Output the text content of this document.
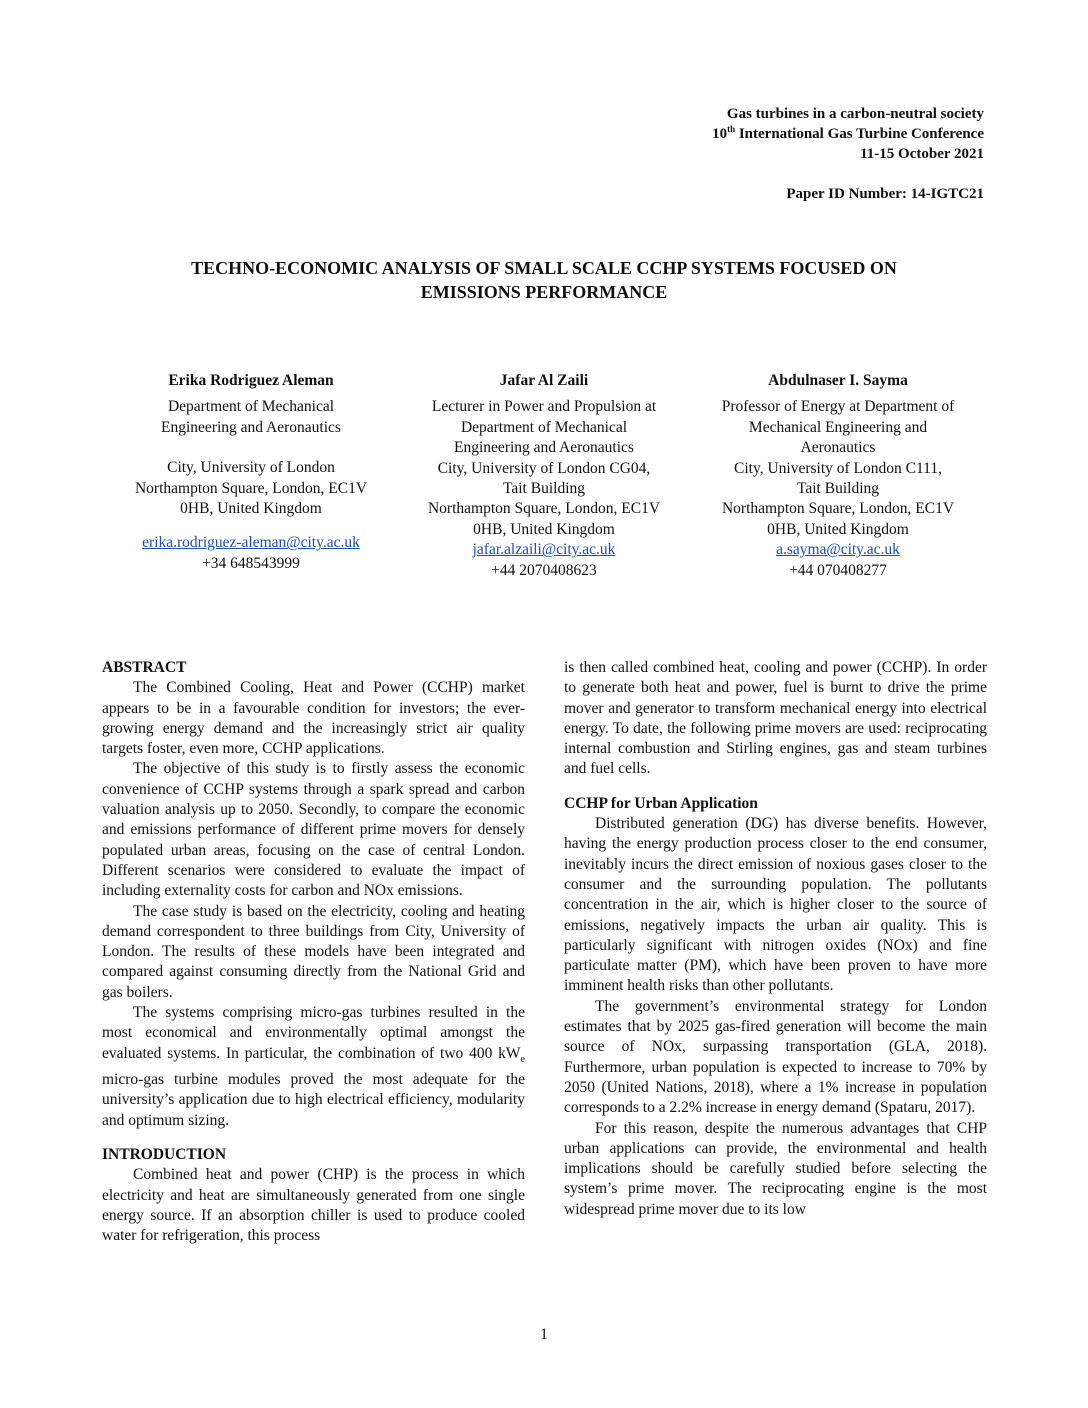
Gas turbines in a carbon-neutral society
10th International Gas Turbine Conference
11-15 October 2021
Paper ID Number: 14-IGTC21
TECHNO-ECONOMIC ANALYSIS OF SMALL SCALE CCHP SYSTEMS FOCUSED ON
EMISSIONS PERFORMANCE
Erika Rodriguez Aleman
Department of Mechanical
Engineering and Aeronautics
City, University of London
Northampton Square, London, EC1V
0HB, United Kingdom
erika.rodriguez-aleman@city.ac.uk
+34 648543999
Jafar Al Zaili
Lecturer in Power and Propulsion at
Department of Mechanical
Engineering and Aeronautics
City, University of London CG04,
Tait Building
Northampton Square, London, EC1V
0HB, United Kingdom
jafar.alzaili@city.ac.uk
+44 2070408623
Abdulnaser I. Sayma
Professor of Energy at Department of
Mechanical Engineering and
Aeronautics
City, University of London C111,
Tait Building
Northampton Square, London, EC1V
0HB, United Kingdom
a.sayma@city.ac.uk
+44 070408277
ABSTRACT

The Combined Cooling, Heat and Power (CCHP) market appears to be in a favourable condition for investors; the ever-growing energy demand and the increasingly strict air quality targets foster, even more, CCHP applications.

The objective of this study is to firstly assess the economic convenience of CCHP systems through a spark spread and carbon valuation analysis up to 2050. Secondly, to compare the economic and emissions performance of different prime movers for densely populated urban areas, focusing on the case of central London. Different scenarios were considered to evaluate the impact of including externality costs for carbon and NOx emissions.

The case study is based on the electricity, cooling and heating demand correspondent to three buildings from City, University of London. The results of these models have been integrated and compared against consuming directly from the National Grid and gas boilers.

The systems comprising micro-gas turbines resulted in the most economical and environmentally optimal amongst the evaluated systems. In particular, the combination of two 400 $kW_e$ micro-gas turbine modules proved the most adequate for the university’s application due to high electrical efficiency, modularity and optimum sizing.

INTRODUCTION

Combined heat and power (CHP) is the process in which electricity and heat are simultaneously generated from one single energy source. If an absorption chiller is used to produce cooled water for refrigeration, this process

is then called combined heat, cooling and power (CCHP). In order to generate both heat and power, fuel is burnt to drive the prime mover and generator to transform mechanical energy into electrical energy. To date, the following prime movers are used: reciprocating internal combustion and Stirling engines, gas and steam turbines and fuel cells.

CCHP for Urban Application

Distributed generation (DG) has diverse benefits. However, having the energy production process closer to the end consumer, inevitably incurs the direct emission of noxious gases closer to the consumer and the surrounding population. The pollutants concentration in the air, which is higher closer to the source of emissions, negatively impacts the urban air quality. This is particularly significant with nitrogen oxides (NOx) and fine particulate matter (PM), which have been proven to have more imminent health risks than other pollutants.

The government’s environmental strategy for London estimates that by 2025 gas-fired generation will become the main source of NOx, surpassing transportation (GLA, 2018). Furthermore, urban population is expected to increase to 70% by 2050 (United Nations, 2018), where a 1% increase in population corresponds to a 2.2% increase in energy demand (Spataru, 2017).

For this reason, despite the numerous advantages that CHP urban applications can provide, the environmental and health implications should be carefully studied before selecting the system’s prime mover. The reciprocating engine is the most widespread prime mover due to its low

1
